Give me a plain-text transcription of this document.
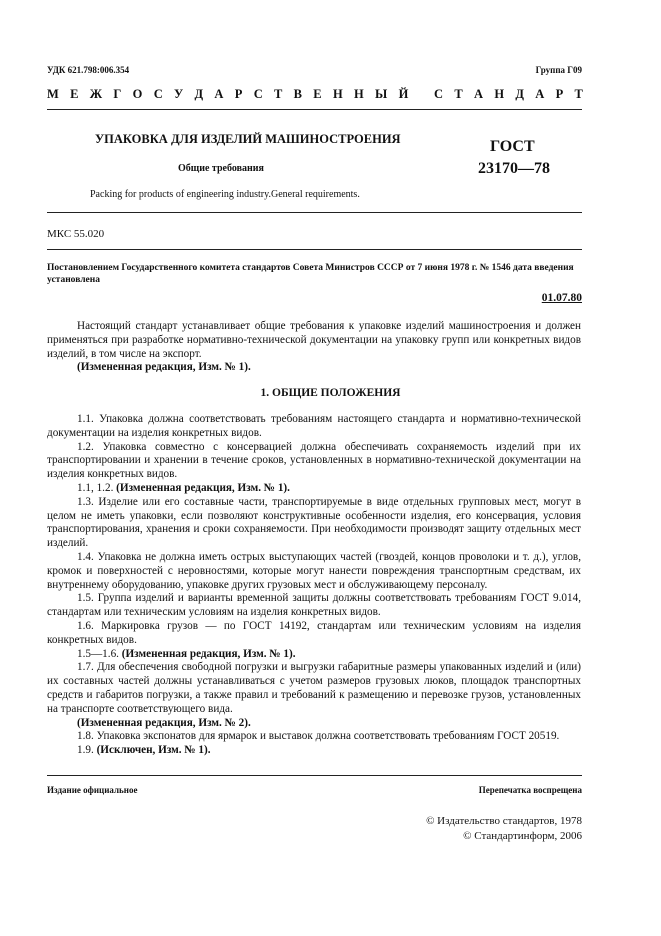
УДК 621.798:006.354	Группа Г09
М Е Ж Г О С У Д А Р С Т В Е Н Н Ы Й
С Т А Н Д А Р Т
УПАКОВКА ДЛЯ ИЗДЕЛИЙ МАШИНОСТРОЕНИЯ
Общие требования
ГОСТ
23170—78
Packing for products of engineering industry.General requirements.
МКС 55.020
Постановлением Государственного комитета стандартов Совета Министров СССР от 7 июня 1978 г. № 1546 дата введения установлена
01.07.80

Настоящий стандарт устанавливает общие требования к упаковке изделий машиностроения и должен применяться при разработке нормативно-технической документации на упаковку групп или конкретных видов изделий, в том числе на экспорт.

(Измененная редакция, Изм. № 1).

1. ОБЩИЕ ПОЛОЖЕНИЯ

1.1. Упаковка должна соответствовать требованиям настоящего стандарта и нормативно-технической документации на изделия конкретных видов.

1.2. Упаковка совместно с консервацией должна обеспечивать сохраняемость изделий при их транспортировании и хранении в течение сроков, установленных в нормативно-технической документации на изделия конкретных видов.

1.1, 1.2. (Измененная редакция, Изм. № 1).

1.3. Изделие или его составные части, транспортируемые в виде отдельных групповых мест, могут в целом не иметь упаковки, если позволяют конструктивные особенности изделия, его консервация, условия транспортирования, хранения и сроки сохраняемости. При необходимости производят защиту отдельных мест изделий.

1.4. Упаковка не должна иметь острых выступающих частей (гвоздей, концов проволоки и т. д.), углов, кромок и поверхностей с неровностями, которые могут нанести повреждения транспортным средствам, их внутреннему оборудованию, упаковке других грузовых мест и обслуживающему персоналу.

1.5. Группа изделий и варианты временной защиты должны соответствовать требованиям ГОСТ 9.014, стандартам или техническим условиям на изделия конкретных видов.

1.6. Маркировка грузов — по ГОСТ 14192, стандартам или техническим условиям на изделия конкретных видов.

1.5—1.6. (Измененная редакция, Изм. № 1).

1.7. Для обеспечения свободной погрузки и выгрузки габаритные размеры упакованных изделий и (или) их составных частей должны устанавливаться с учетом размеров грузовых люков, площадок транспортных средств и габаритов погрузки, а также правил и требований к размещению и перевозке грузов, установленных на транспорте соответствующего вида.

(Измененная редакция, Изм. № 2).

1.8. Упаковка экспонатов для ярмарок и выставок должна соответствовать требованиям ГОСТ 20519.

1.9. (Исключен, Изм. № 1).

Издание официальное	Перепечатка воспрещена
© Издательство стандартов, 1978
© Стандартинформ, 2006
